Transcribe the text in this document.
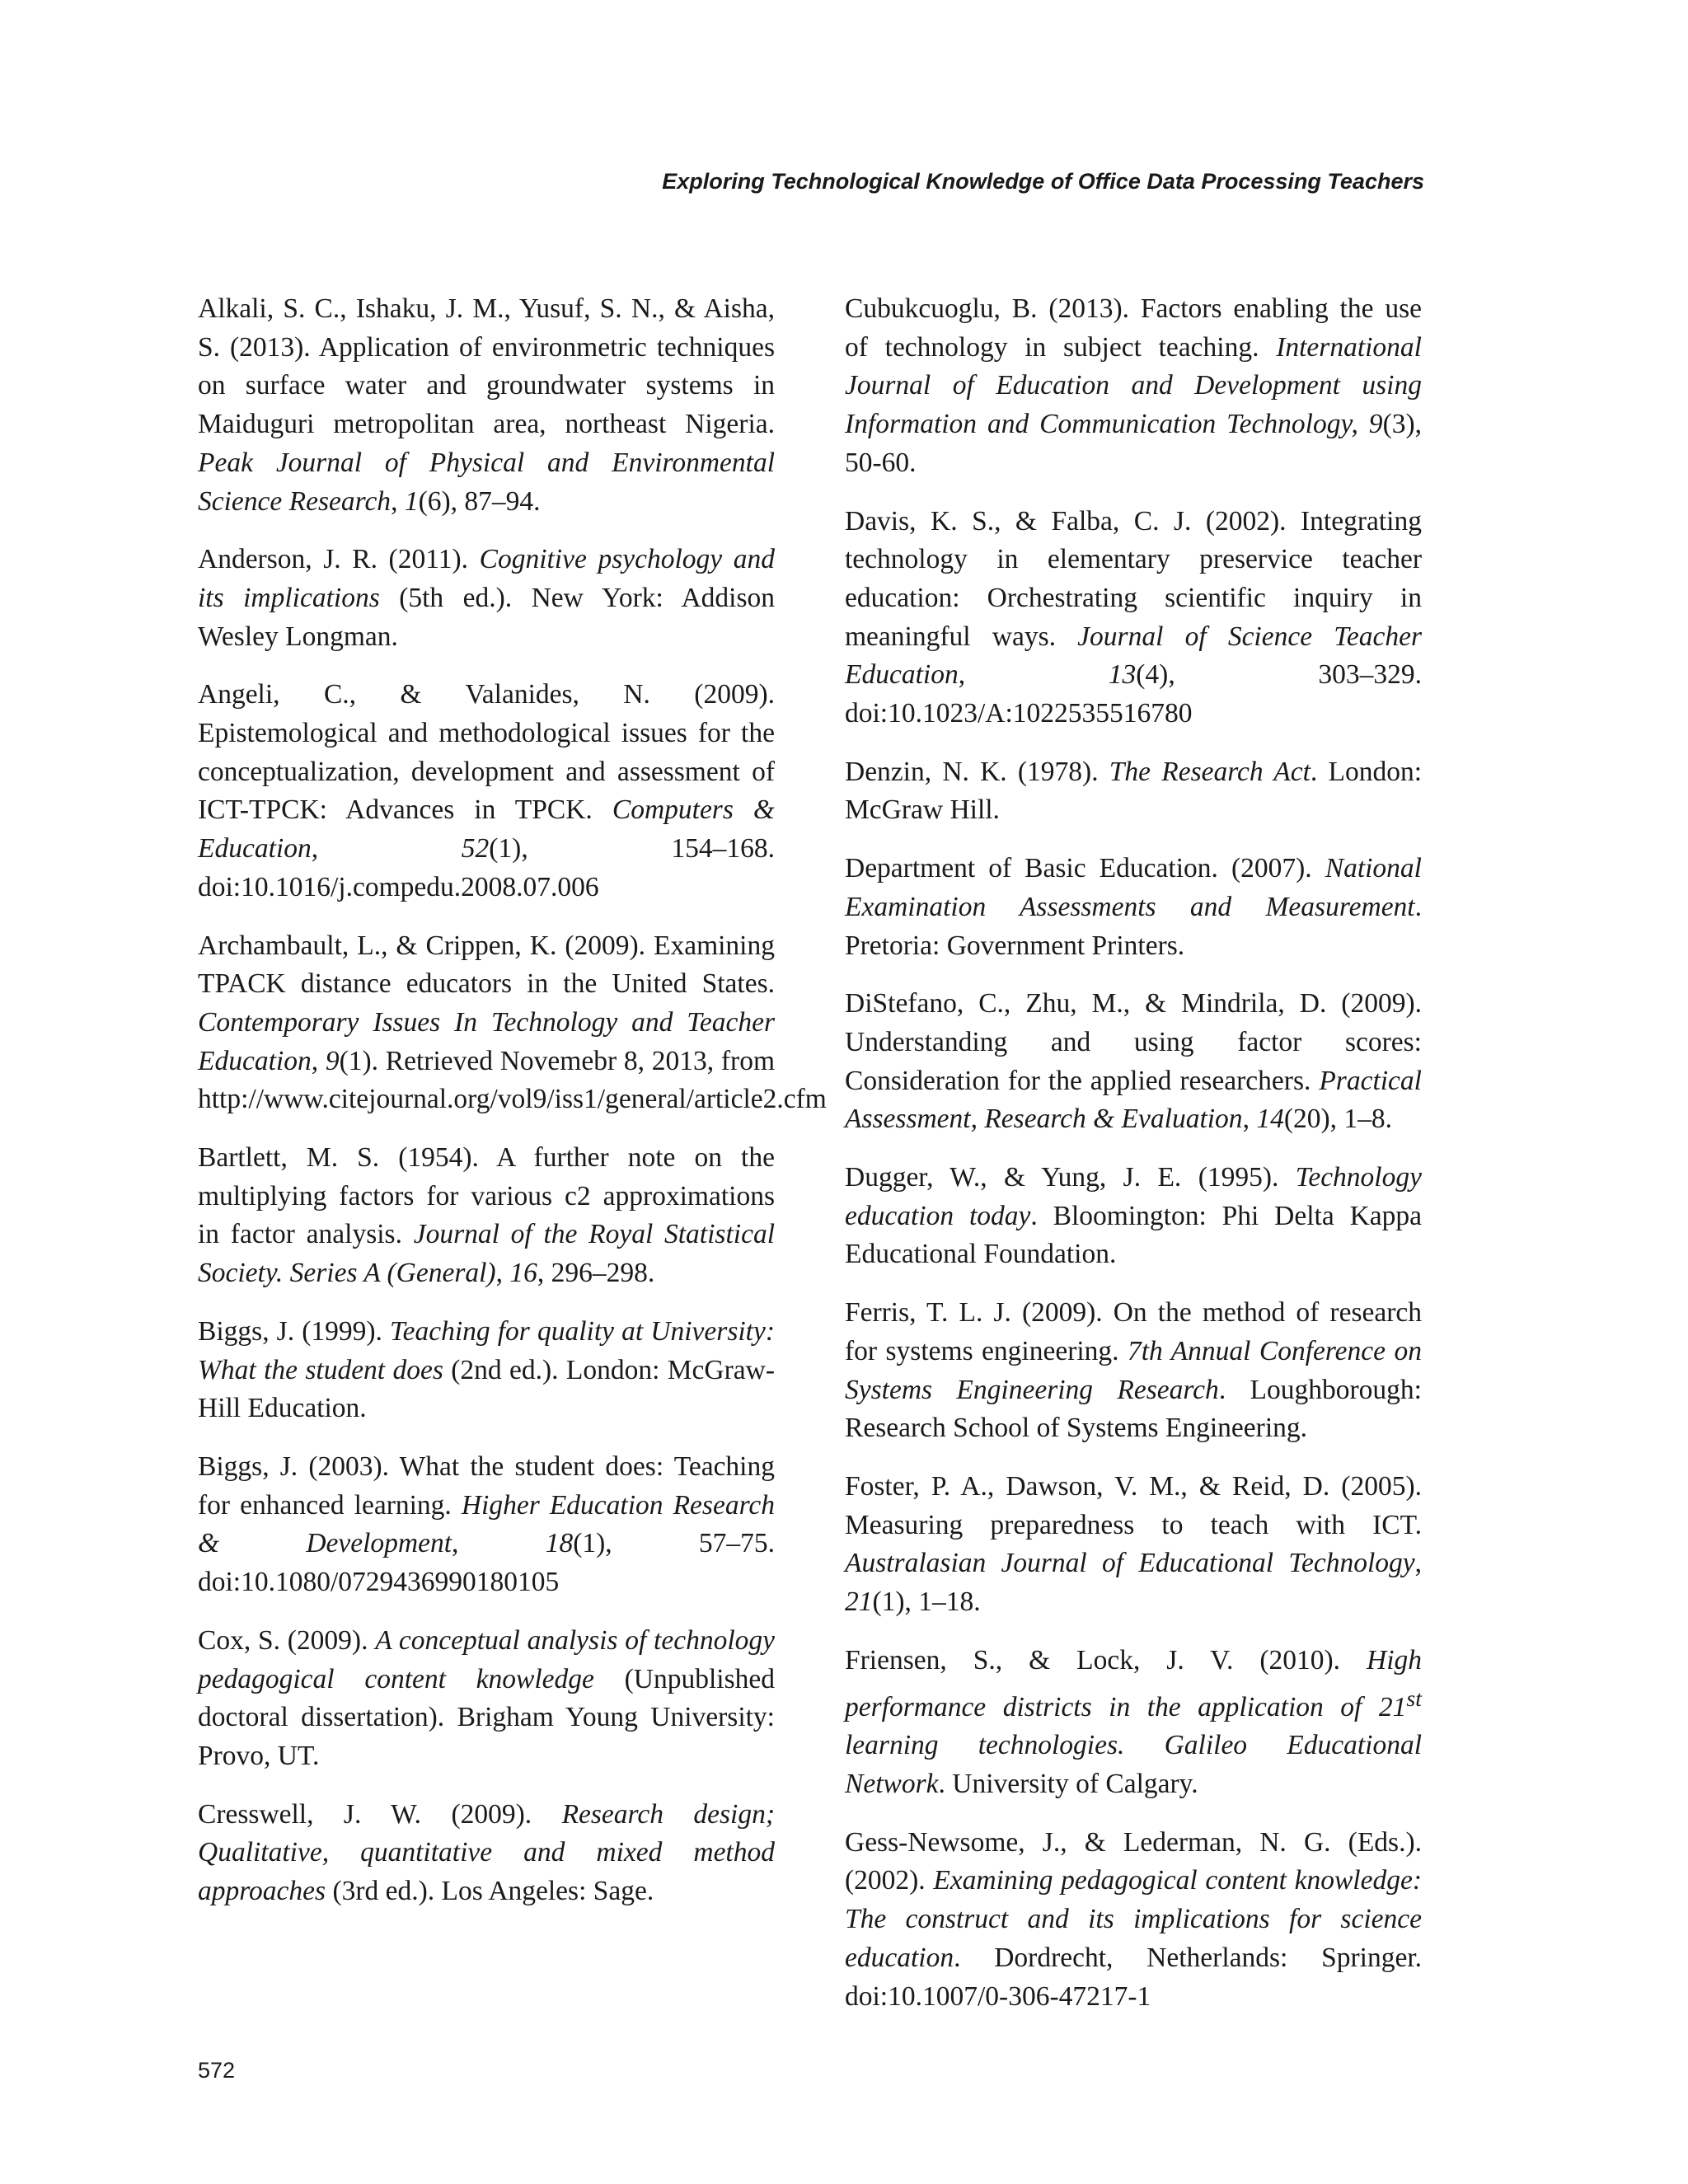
Exploring Technological Knowledge of Office Data Processing Teachers

Alkali, S. C., Ishaku, J. M., Yusuf, S. N., & Aisha, S. (2013). Application of environmetric techniques on surface water and groundwater systems in Maiduguri metropolitan area, northeast Nigeria. Peak Journal of Physical and Environmental Science Research, 1(6), 87–94.

Anderson, J. R. (2011). Cognitive psychology and its implications (5th ed.). New York: Addison Wesley Longman.

Angeli, C., & Valanides, N. (2009). Epistemological and methodological issues for the conceptualization, development and assessment of ICT-TPCK: Advances in TPCK. Computers & Education, 52(1), 154–168. doi:10.1016/j.compedu.2008.07.006

Archambault, L., & Crippen, K. (2009). Examining TPACK distance educators in the United States. Contemporary Issues In Technology and Teacher Education, 9(1). Retrieved Novemebr 8, 2013, from http://www.citejournal.org/vol9/iss1/general/article2.cfm

Bartlett, M. S. (1954). A further note on the multiplying factors for various c2 approximations in factor analysis. Journal of the Royal Statistical Society. Series A (General), 16, 296–298.

Biggs, J. (1999). Teaching for quality at University: What the student does (2nd ed.). London: McGraw-Hill Education.

Biggs, J. (2003). What the student does: Teaching for enhanced learning. Higher Education Research & Development, 18(1), 57–75. doi:10.1080/0729436990180105

Cox, S. (2009). A conceptual analysis of technology pedagogical content knowledge (Unpublished doctoral dissertation). Brigham Young University: Provo, UT.

Cresswell, J. W. (2009). Research design; Qualitative, quantitative and mixed method approaches (3rd ed.). Los Angeles: Sage.

Cubukcuoglu, B. (2013). Factors enabling the use of technology in subject teaching. International Journal of Education and Development using Information and Communication Technology, 9(3), 50-60.

Davis, K. S., & Falba, C. J. (2002). Integrating technology in elementary preservice teacher education: Orchestrating scientific inquiry in meaningful ways. Journal of Science Teacher Education, 13(4), 303–329. doi:10.1023/A:1022535516780

Denzin, N. K. (1978). The Research Act. London: McGraw Hill.

Department of Basic Education. (2007). National Examination Assessments and Measurement. Pretoria: Government Printers.

DiStefano, C., Zhu, M., & Mindrila, D. (2009). Understanding and using factor scores: Consideration for the applied researchers. Practical Assessment, Research & Evaluation, 14(20), 1–8.

Dugger, W., & Yung, J. E. (1995). Technology education today. Bloomington: Phi Delta Kappa Educational Foundation.

Ferris, T. L. J. (2009). On the method of research for systems engineering. 7th Annual Conference on Systems Engineering Research. Loughborough: Research School of Systems Engineering.

Foster, P. A., Dawson, V. M., & Reid, D. (2005). Measuring preparedness to teach with ICT. Australasian Journal of Educational Technology, 21(1), 1–18.

Friensen, S., & Lock, J. V. (2010). High performance districts in the application of 21st learning technologies. Galileo Educational Network. University of Calgary.

Gess-Newsome, J., & Lederman, N. G. (Eds.). (2002). Examining pedagogical content knowledge: The construct and its implications for science education. Dordrecht, Netherlands: Springer. doi:10.1007/0-306-47217-1

572
